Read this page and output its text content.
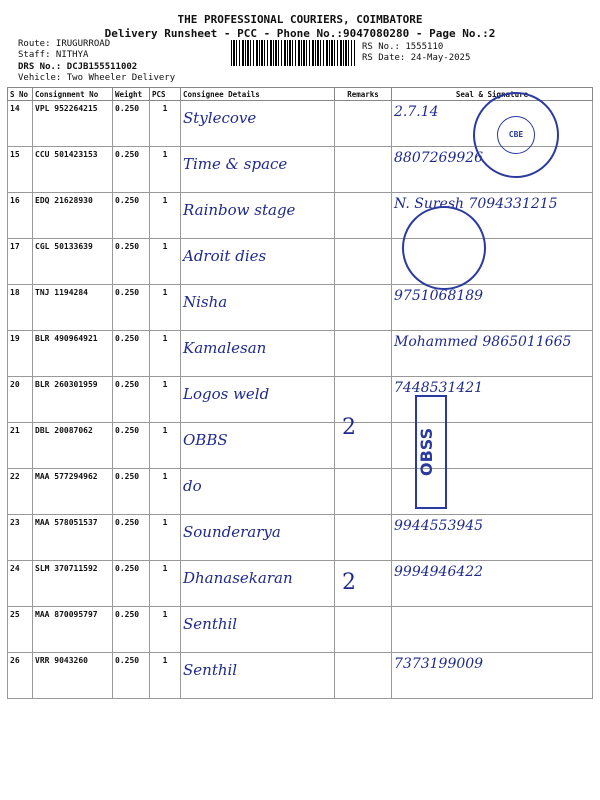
THE PROFESSIONAL COURIERS, COIMBATORE
Delivery Runsheet - PCC - Phone No.:9047080280 - Page No.:2
Route: IRUGURROAD
Staff: NITHYA
DRS No.: DCJB155511002
Vehicle: Two Wheeler Delivery
RS No.: 1555110
RS Date: 24-May-2025
S No	Consignment No	Weight	PCS	Consignee Details	Remarks	Seal & Signature
14	VPL 952264215	0.250	1	Stylecove		2.7.14
15	CCU 501423153	0.250	1	Time & space		8807269926
16	EDQ 21628930	0.250	1	Rainbow stage		N. Suresh 7094331215
17	CGL 50133639	0.250	1	Adroit dies		
18	TNJ 1194284	0.250	1	Nisha		9751068189
19	BLR 490964921	0.250	1	Kamalesan		Mohammed 9865011665
20	BLR 260301959	0.250	1	Logos weld		7448531421
21	DBL 20087062	0.250	1	OBBS		
22	MAA 577294962	0.250	1	do		
23	MAA 578051537	0.250	1	Sounderarya		9944553945
24	SLM 370711592	0.250	1	Dhanasekaran		9994946422
25	MAA 870095797	0.250	1	Senthil		
26	VRR 9043260	0.250	1	Senthil		7373199009
CBE
OBSS
2
2
